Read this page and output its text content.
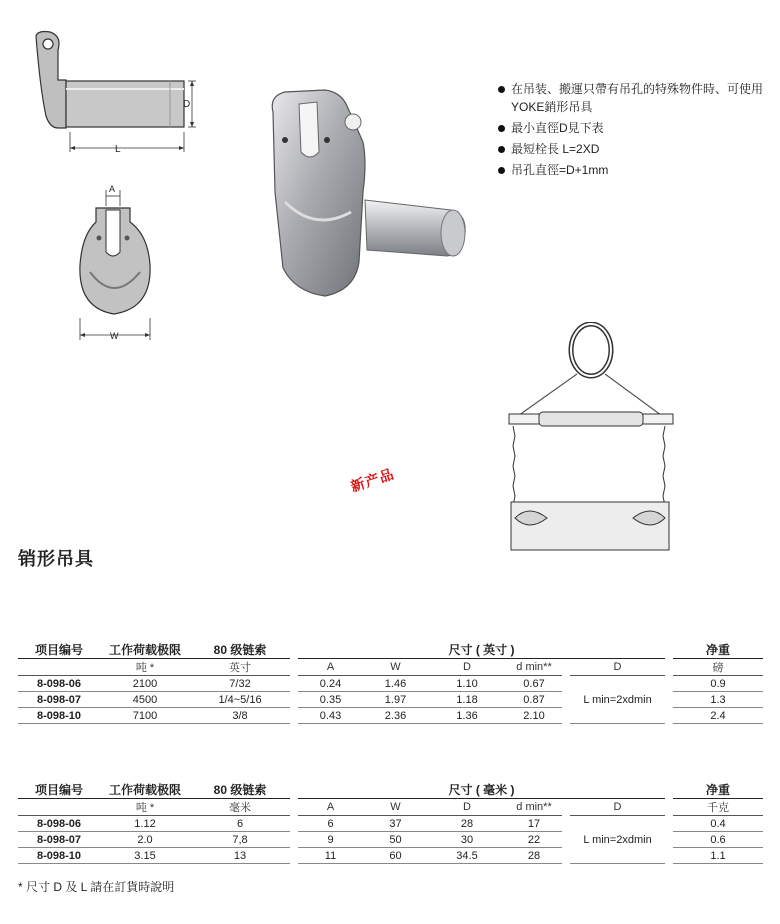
D
L
A
W
在吊装、搬運只帶有吊孔的特殊物件時、可使用YOKE銷形吊具
最小直徑D見下表
最短栓長 L=2XD
吊孔直徑=D+1mm
新产品
销形吊具
项目编号	工作荷载极限	80 级链索		尺寸 ( 英寸 )							净重
	吨 *	英寸		A	W	D	d min**		D		磅
8-098-06	2100	7/32		0.24	1.46	1.10	0.67		L min=2xdmin		0.9
8-098-07	4500	1/4~5/16		0.35	1.97	1.18	0.87				1.3
8-098-10	7100	3/8		0.43	2.36	1.36	2.10				2.4
项目编号	工作荷载极限	80 级链索		尺寸 ( 毫米 )							净重
	吨 *	毫米		A	W	D	d min**		D		千克
8-098-06	1.12	6		6	37	28	17		L min=2xdmin		0.4
8-098-07	2.0	7,8		9	50	30	22				0.6
8-098-10	3.15	13		11	60	34.5	28				1.1
* 尺寸 D 及 L 請在訂貨時說明
